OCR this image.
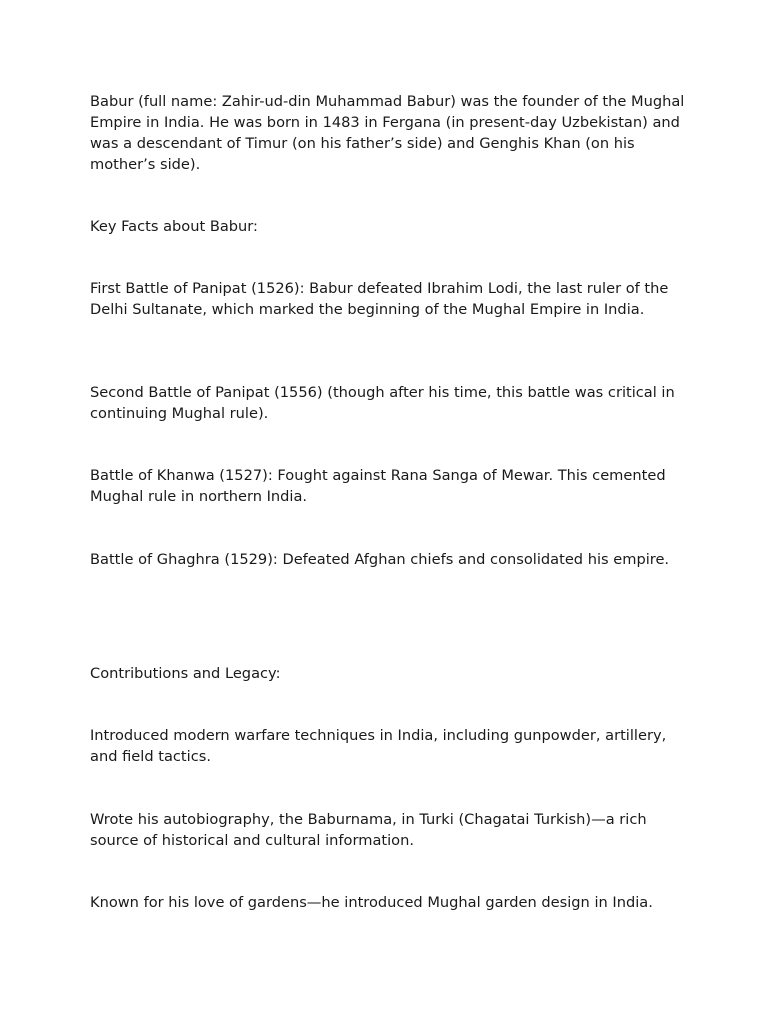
Babur (full name: Zahir-ud-din Muhammad Babur) was the founder of the Mughal Empire in India. He was born in 1483 in Fergana (in present-day Uzbekistan) and was a descendant of Timur (on his father’s side) and Genghis Khan (on his mother’s side).

Key Facts about Babur:

First Battle of Panipat (1526): Babur defeated Ibrahim Lodi, the last ruler of the Delhi Sultanate, which marked the beginning of the Mughal Empire in India.

Second Battle of Panipat (1556) (though after his time, this battle was critical in continuing Mughal rule).

Battle of Khanwa (1527): Fought against Rana Sanga of Mewar. This cemented Mughal rule in northern India.

Battle of Ghaghra (1529): Defeated Afghan chiefs and consolidated his empire.

Contributions and Legacy:

Introduced modern warfare techniques in India, including gunpowder, artillery, and field tactics.

Wrote his autobiography, the Baburnama, in Turki (Chagatai Turkish)—a rich source of historical and cultural information.

Known for his love of gardens—he introduced Mughal garden design in India.
